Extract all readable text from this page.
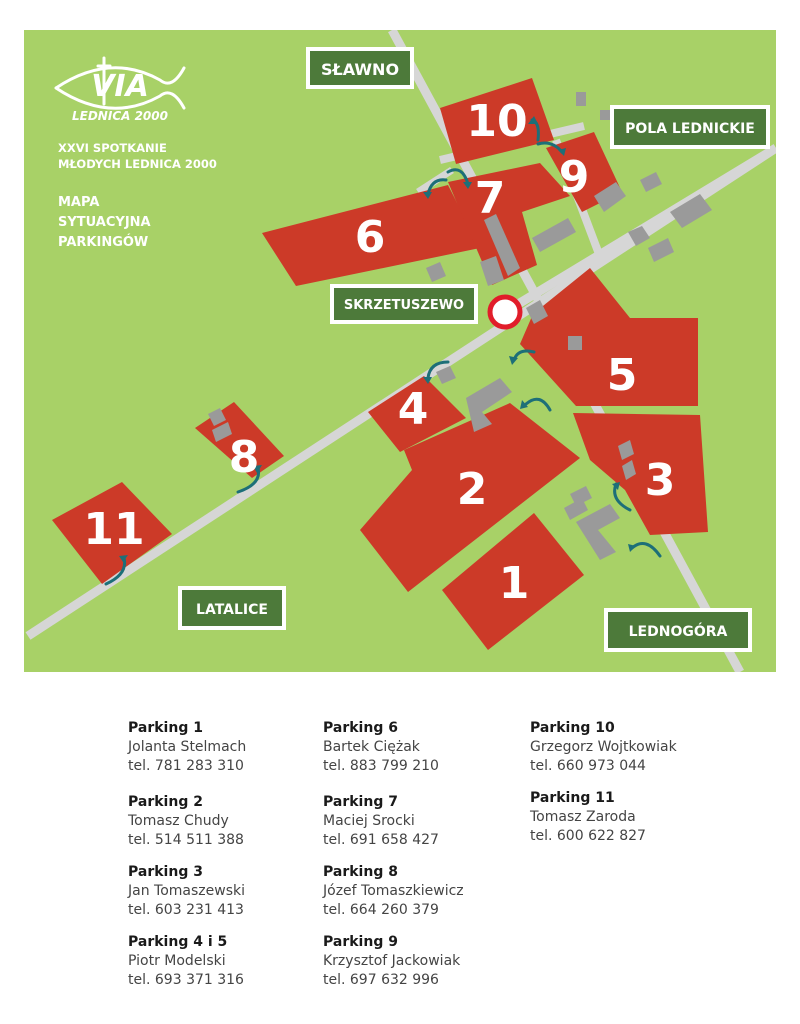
1
2	3
4
5
6
7
8
9
10
11
SŁAWNO
POLA LEDNICKIE
SKRZETUSZEWO
LATALICE
LEDNOGÓRA
VIA
LEDNICA 2000
XXVI SPOTKANIE
MŁODYCH LEDNICA 2000
MAPA
SYTUACYJNA
PARKINGÓW
Parking 1
Jolanta Stelmach
tel. 781 283 310
Parking 2
Tomasz Chudy
tel. 514 511 388
Parking 3
Jan Tomaszewski
tel. 603 231 413
Parking 4 i 5
Piotr Modelski
tel. 693 371 316
Parking 6
Bartek Ciężak
tel. 883 799 210
Parking 7
Maciej Srocki
tel. 691 658 427
Parking 8
Józef Tomaszkiewicz
tel. 664 260 379
Parking 9
Krzysztof Jackowiak
tel. 697 632 996
Parking 10
Grzegorz Wojtkowiak
tel. 660 973 044
Parking 11
Tomasz Zaroda
tel. 600 622 827
